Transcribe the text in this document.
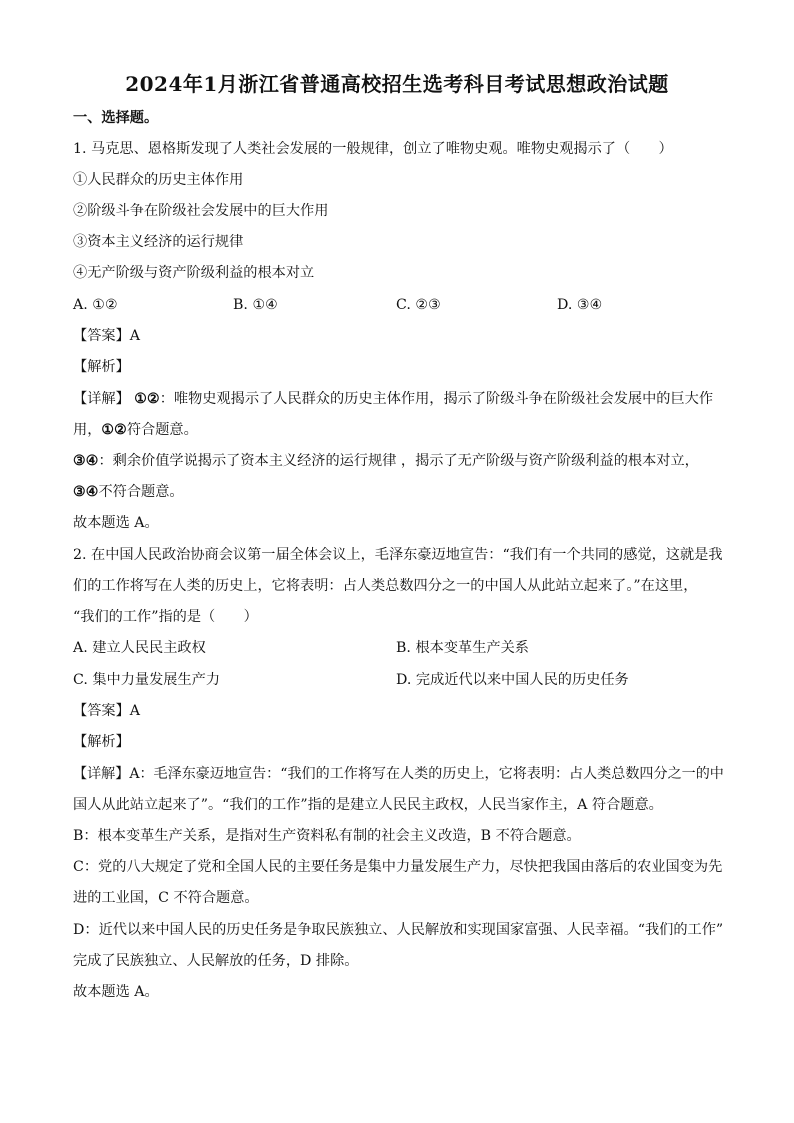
2024年1月浙江省普通高校招生选考科目考试思想政治试题
一、选择题。
1. 马克思、恩格斯发现了人类社会发展的一般规律，创立了唯物史观。唯物史观揭示了（　　）
①人民群众的历史主体作用
②阶级斗争在阶级社会发展中的巨大作用
③资本主义经济的运行规律
④无产阶级与资产阶级利益的根本对立
A. ①②	B. ①④	C. ②③	D. ③④
【答案】A
【解析】
【详解】 ①②：唯物史观揭示了人民群众的历史主体作用，揭示了阶级斗争在阶级社会发展中的巨大作
用，①②符合题意。
③④：剩余价值学说揭示了资本主义经济的运行规律 ，揭示了无产阶级与资产阶级利益的根本对立，
③④不符合题意。
故本题选 A。
2. 在中国人民政治协商会议第一届全体会议上，毛泽东豪迈地宣告：“我们有一个共同的感觉，这就是我
们的工作将写在人类的历史上，它将表明：占人类总数四分之一的中国人从此站立起来了。”在这里，
“我们的工作”指的是（　　）
A. 建立人民民主政权	B. 根本变革生产关系
C. 集中力量发展生产力	D. 完成近代以来中国人民的历史任务
【答案】A
【解析】
【详解】A：毛泽东豪迈地宣告：“我们的工作将写在人类的历史上，它将表明：占人类总数四分之一的中
国人从此站立起来了”。“我们的工作”指的是建立人民民主政权，人民当家作主，A 符合题意。
B：根本变革生产关系，是指对生产资料私有制的社会主义改造，B 不符合题意。
C：党的八大规定了党和全国人民的主要任务是集中力量发展生产力，尽快把我国由落后的农业国变为先
进的工业国，C 不符合题意。
D：近代以来中国人民的历史任务是争取民族独立、人民解放和实现国家富强、人民幸福。“我们的工作”
完成了民族独立、人民解放的任务，D 排除。
故本题选 A。
